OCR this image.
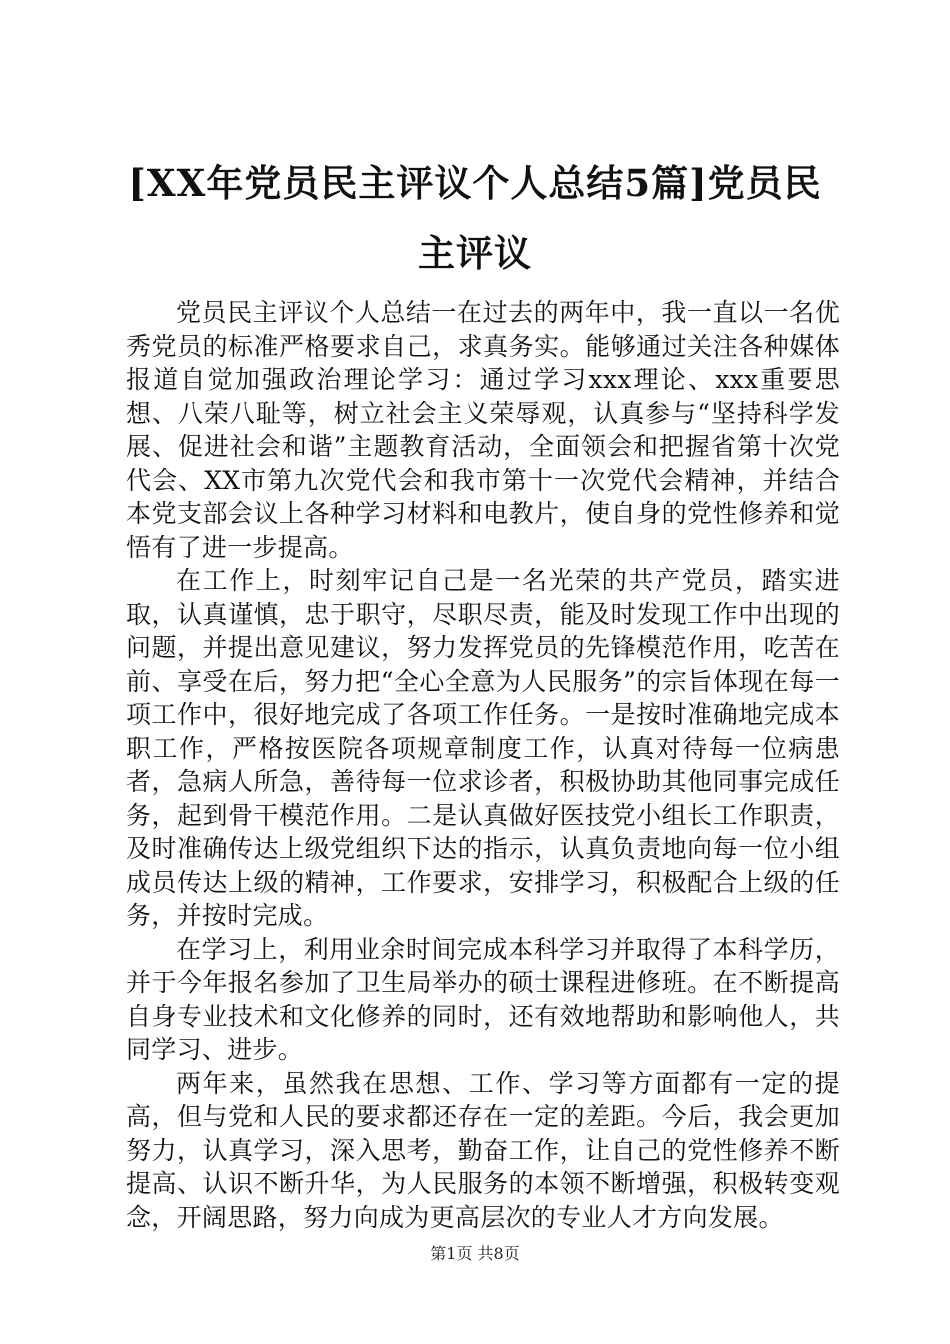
[XX年党员民主评议个人总结5篇]党员民主评议

党员民主评议个人总结一在过去的两年中，我一直以一名优秀党员的标准严格要求自己，求真务实。能够通过关注各种媒体报道自觉加强政治理论学习：通过学习xxx理论、xxx重要思想、八荣八耻等，树立社会主义荣辱观，认真参与“坚持科学发展、促进社会和谐”主题教育活动，全面领会和把握省第十次党代会、XX市第九次党代会和我市第十一次党代会精神，并结合本党支部会议上各种学习材料和电教片，使自身的党性修养和觉悟有了进一步提高。

在工作上，时刻牢记自己是一名光荣的共产党员，踏实进取，认真谨慎，忠于职守，尽职尽责，能及时发现工作中出现的问题，并提出意见建议，努力发挥党员的先锋模范作用，吃苦在前、享受在后，努力把“全心全意为人民服务”的宗旨体现在每一项工作中，很好地完成了各项工作任务。一是按时准确地完成本职工作，严格按医院各项规章制度工作，认真对待每一位病患者，急病人所急，善待每一位求诊者，积极协助其他同事完成任务，起到骨干模范作用。二是认真做好医技党小组长工作职责，及时准确传达上级党组织下达的指示，认真负责地向每一位小组成员传达上级的精神，工作要求，安排学习，积极配合上级的任务，并按时完成。

在学习上，利用业余时间完成本科学习并取得了本科学历，并于今年报名参加了卫生局举办的硕士课程进修班。在不断提高自身专业技术和文化修养的同时，还有效地帮助和影响他人，共同学习、进步。

两年来，虽然我在思想、工作、学习等方面都有一定的提高，但与党和人民的要求都还存在一定的差距。今后，我会更加努力，认真学习，深入思考，勤奋工作，让自己的党性修养不断提高、认识不断升华，为人民服务的本领不断增强，积极转变观念，开阔思路，努力向成为更高层次的专业人才方向发展。

第1页 共8页
